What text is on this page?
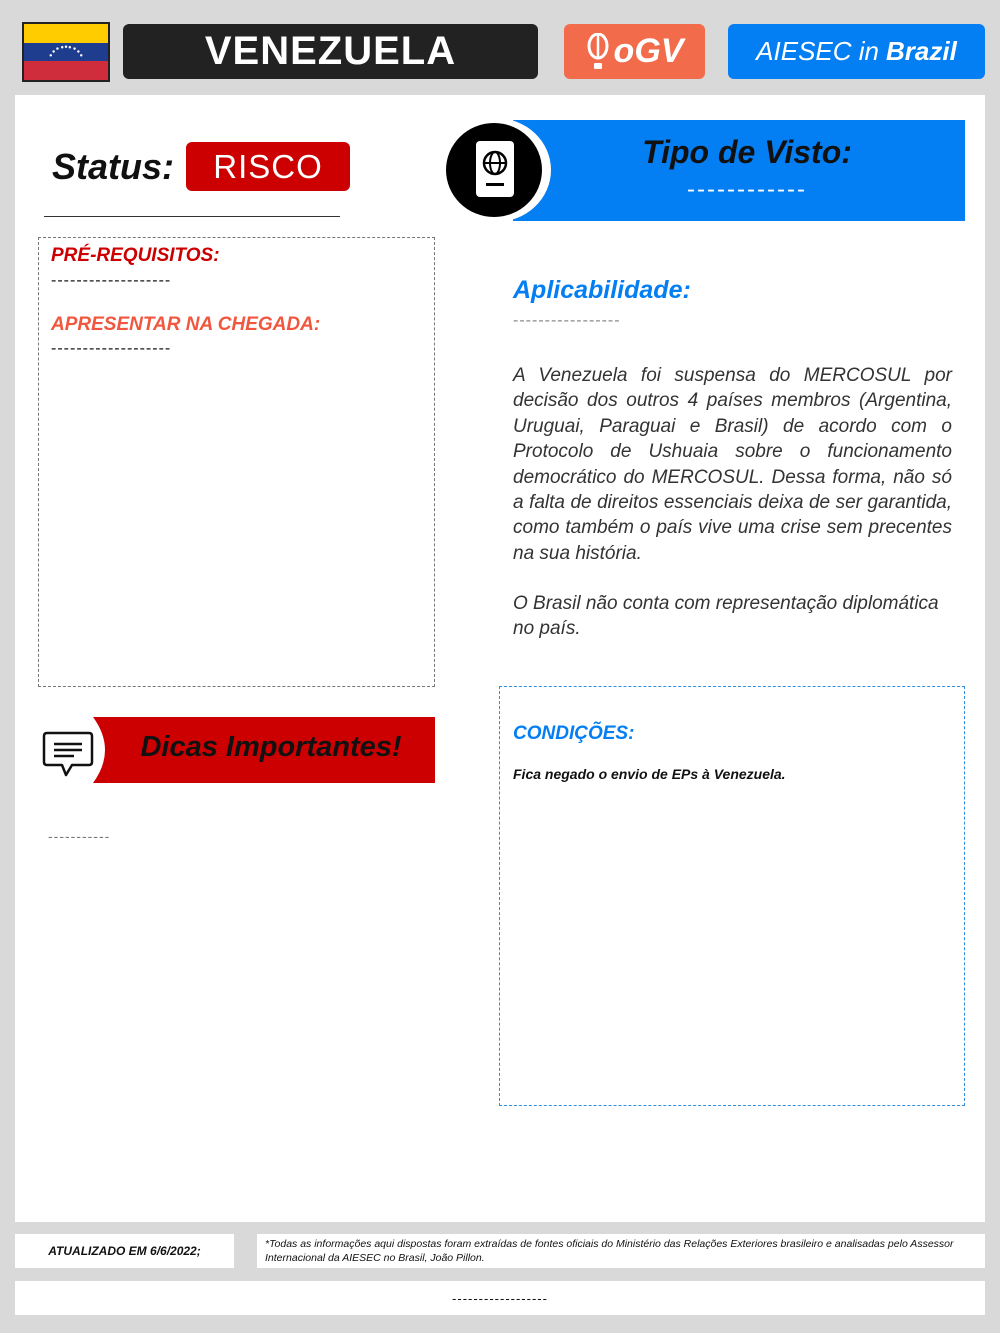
VENEZUELA	oGV	AIESEC in Brazil
Status:	RISCO
PRÉ-REQUISITOS:
-------------------
APRESENTAR NA CHEGADA:
-------------------
Tipo de Visto:
------------
Aplicabilidade:
-----------------
A Venezuela foi suspensa do MERCOSUL por decisão dos outros 4 países membros (Argentina, Uruguai, Paraguai e Brasil) de acordo com o Protocolo de Ushuaia sobre o funcionamento democrático do MERCOSUL. Dessa forma, não só a falta de direitos essenciais deixa de ser garantida, como também o país vive uma crise sem precentes na sua história.
O Brasil não conta com representação diplomática no país.
Dicas Importantes!
-----------
CONDIÇÕES:
Fica negado o envio de EPs à Venezuela.
ATUALIZADO EM 6/6/2022;	*Todas as informações aqui dispostas foram extraídas de fontes oficiais do Ministério das Relações Exteriores brasileiro e analisadas pelo Assessor Internacional da AIESEC no Brasil, João Pillon.
------------------
